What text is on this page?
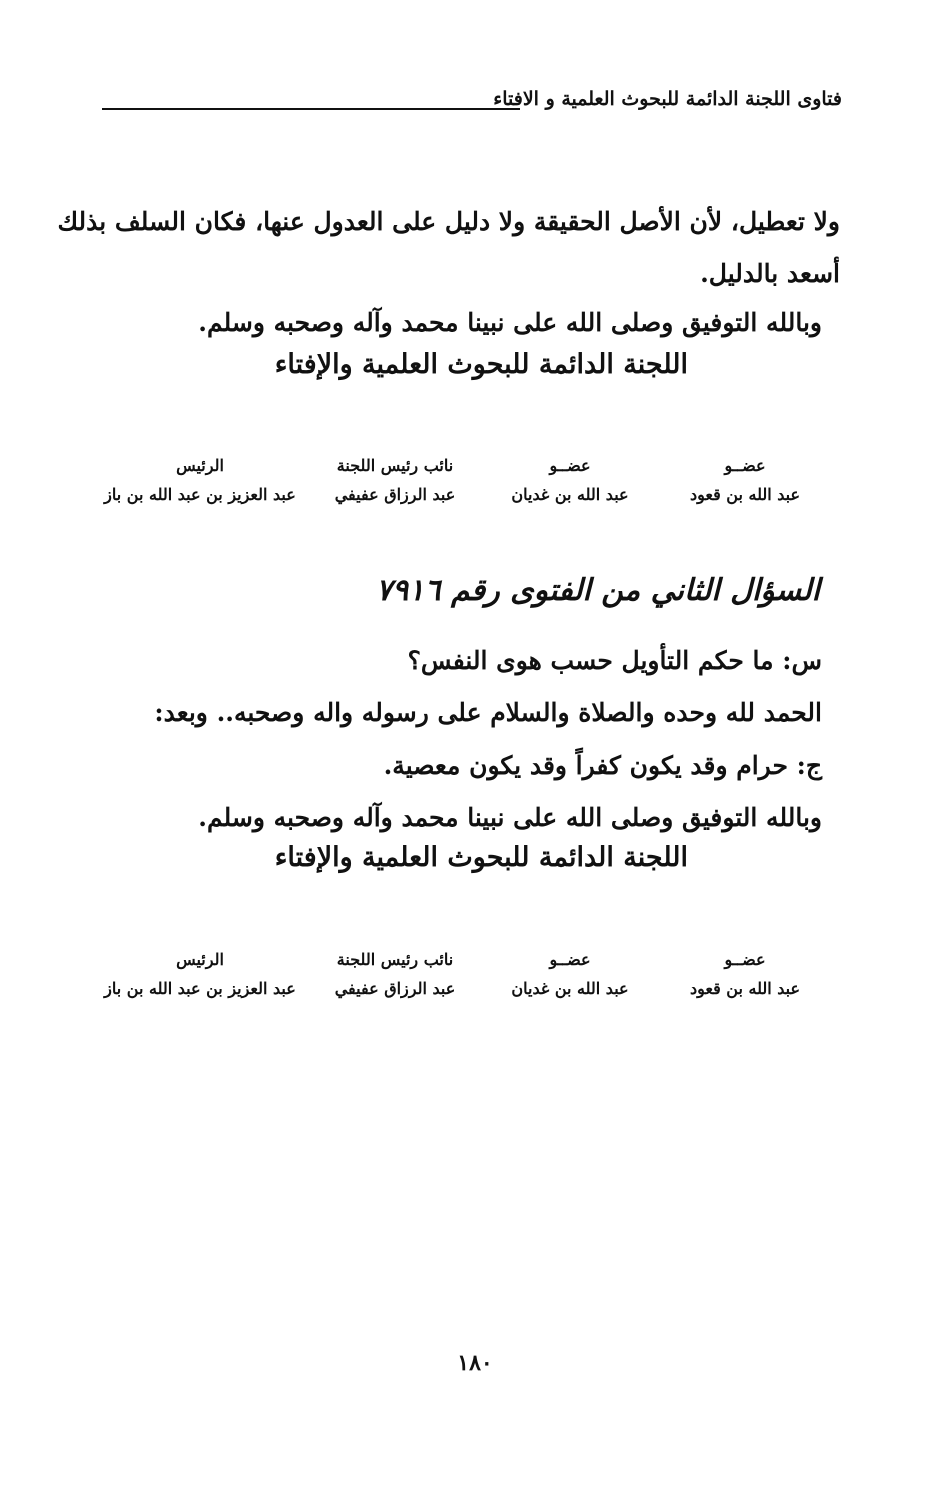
فتاوى اللجنة الدائمة للبحوث العلمية و الافتاء
ولا تعطيل، لأن الأصل الحقيقة ولا دليل على العدول عنها، فكان السلف بذلك
أسعد بالدليل.
وبالله التوفيق وصلى الله على نبينا محمد وآله وصحبه وسلم.
اللجنة الدائمة للبحوث العلمية والإفتاء
عضــو
عبد الله بن قعود
عضــو
عبد الله بن غديان
نائب رئيس اللجنة
عبد الرزاق عفيفي
الرئيس
عبد العزيز بن عبد الله بن باز
السؤال الثاني من الفتوى رقم ٧٩١٦
س: ما حكم التأويل حسب هوى النفس؟
الحمد لله وحده والصلاة والسلام على رسوله واله وصحبه.. وبعد:
ج: حرام وقد يكون كفراً وقد يكون معصية.
وبالله التوفيق وصلى الله على نبينا محمد وآله وصحبه وسلم.
اللجنة الدائمة للبحوث العلمية والإفتاء
عضــو
عبد الله بن قعود
عضــو
عبد الله بن غديان
نائب رئيس اللجنة
عبد الرزاق عفيفي
الرئيس
عبد العزيز بن عبد الله بن باز
١٨٠
